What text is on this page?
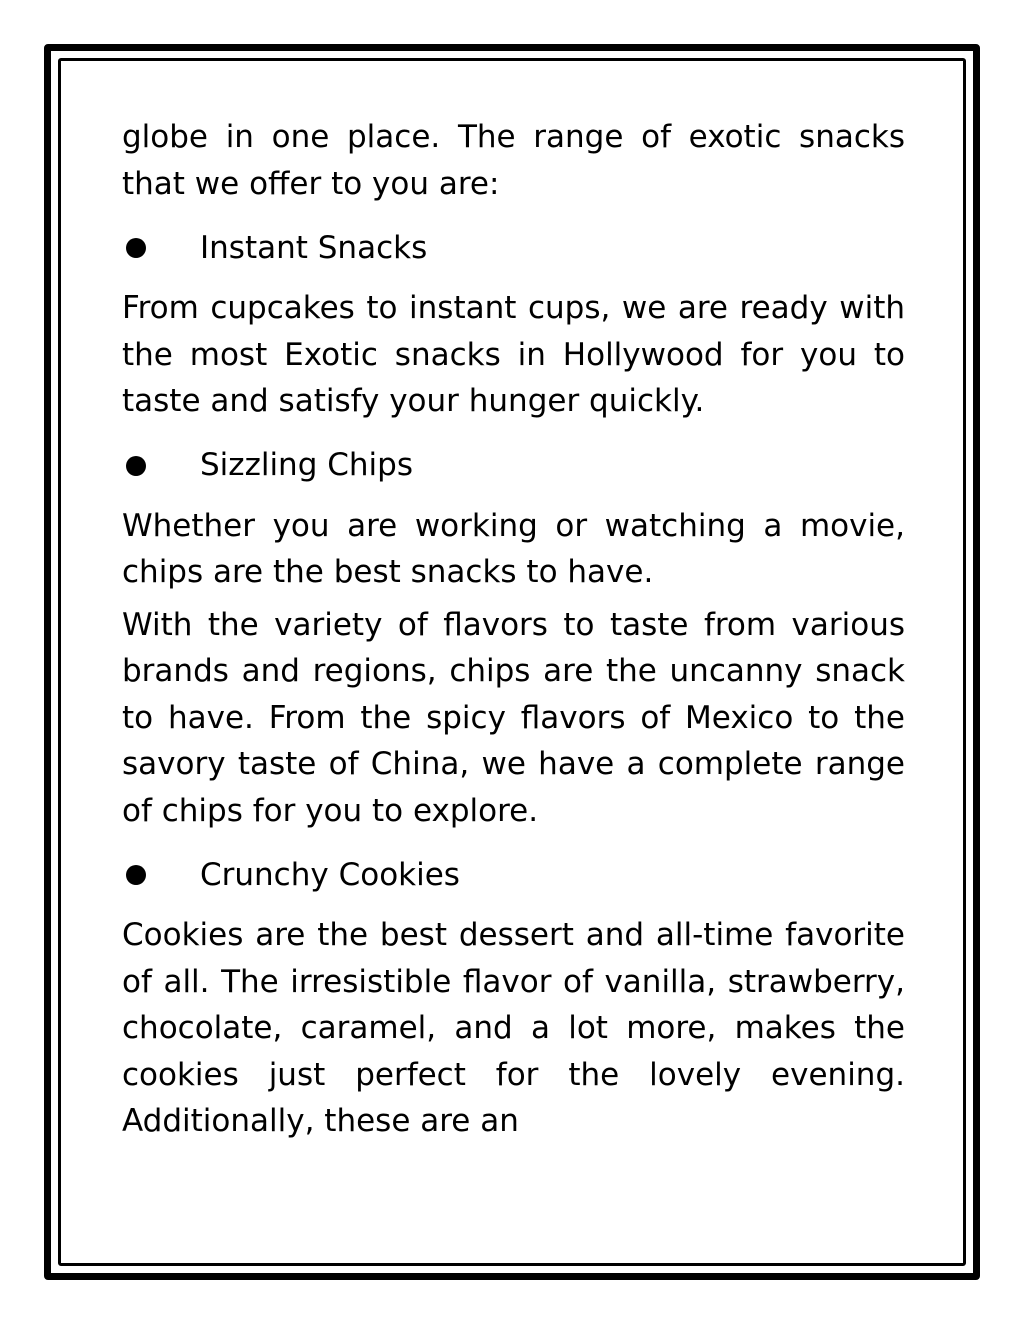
globe in one place. The range of exotic snacks that we offer to you are:

Instant Snacks

From cupcakes to instant cups, we are ready with the most Exotic snacks in Hollywood for you to taste and satisfy your hunger quickly.

Sizzling Chips

Whether you are working or watching a movie, chips are the best snacks to have.

With the variety of flavors to taste from various brands and regions, chips are the uncanny snack to have. From the spicy flavors of Mexico to the savory taste of China, we have a complete range of chips for you to explore.

Crunchy Cookies

Cookies are the best dessert and all-time favorite of all. The irresistible flavor of vanilla, strawberry, chocolate, caramel, and a lot more, makes the cookies just perfect for the lovely evening. Additionally, these are an
